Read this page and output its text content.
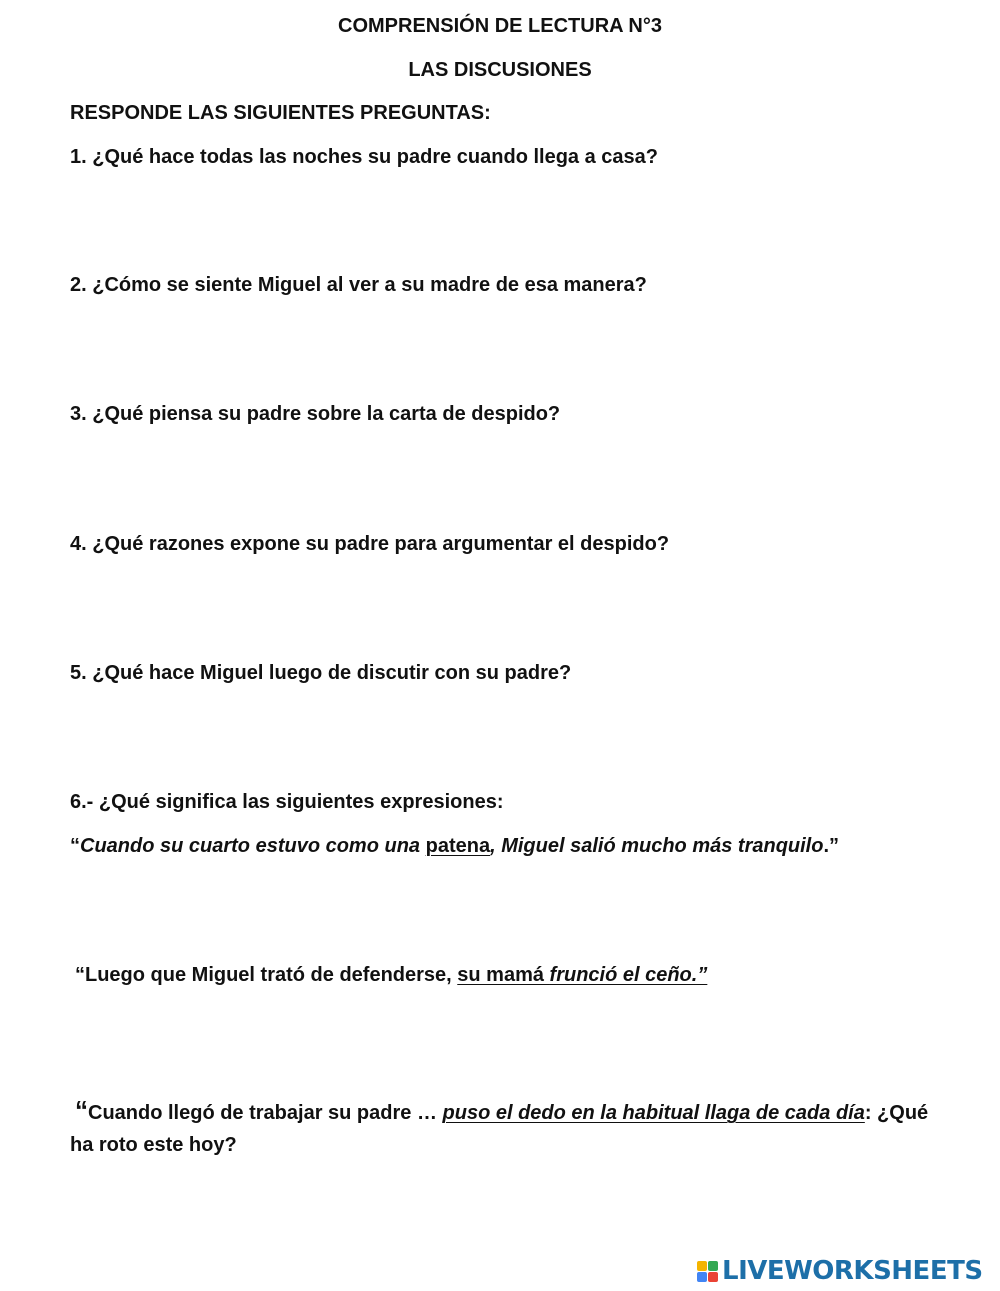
COMPRENSIÓN DE LECTURA N°3
LAS DISCUSIONES
RESPONDE LAS SIGUIENTES PREGUNTAS:
1. ¿Qué hace todas las noches su padre cuando llega a casa?
2. ¿Cómo se siente Miguel al ver a su madre de esa manera?
3. ¿Qué piensa su padre sobre la carta de despido?
4. ¿Qué razones expone su padre para argumentar el despido?
5. ¿Qué hace Miguel luego de discutir con su padre?
6.- ¿Qué significa las siguientes expresiones:
“Cuando su cuarto estuvo como una patena, Miguel salió mucho más tranquilo.”
“Luego que Miguel trató de defenderse, su mamá frunció el ceño.”
“Cuando llegó de trabajar su padre … puso el dedo en la habitual llaga de cada día: ¿Qué ha roto este hoy?
LIVEWORKSHEETS
